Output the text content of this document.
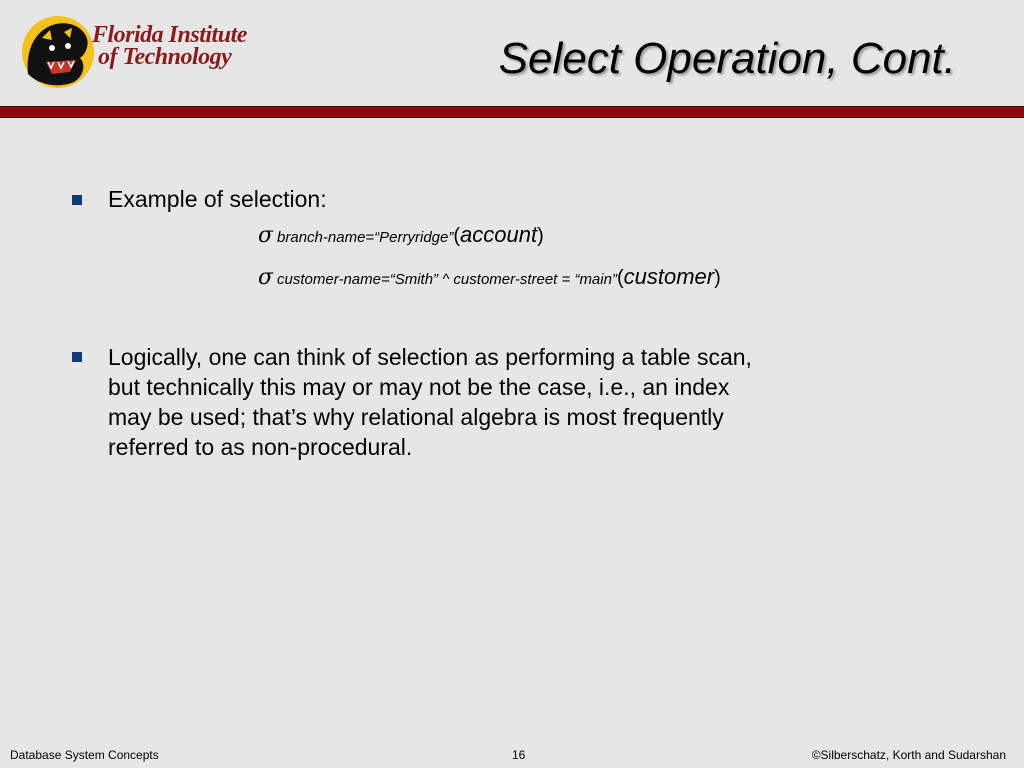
Florida Institute
of Technology	Select Operation, Cont.
Example of selection:
σ branch-name=“Perryridge”(account)
σ customer-name=“Smith” ^ customer-street = “main”(customer)
Logically, one can think of selection as performing a table scan,
but technically this may or may not be the case, i.e., an index
may be used; that’s why relational algebra is most frequently
referred to as non-procedural.
Database System Concepts	16	©Silberschatz, Korth and Sudarshan
